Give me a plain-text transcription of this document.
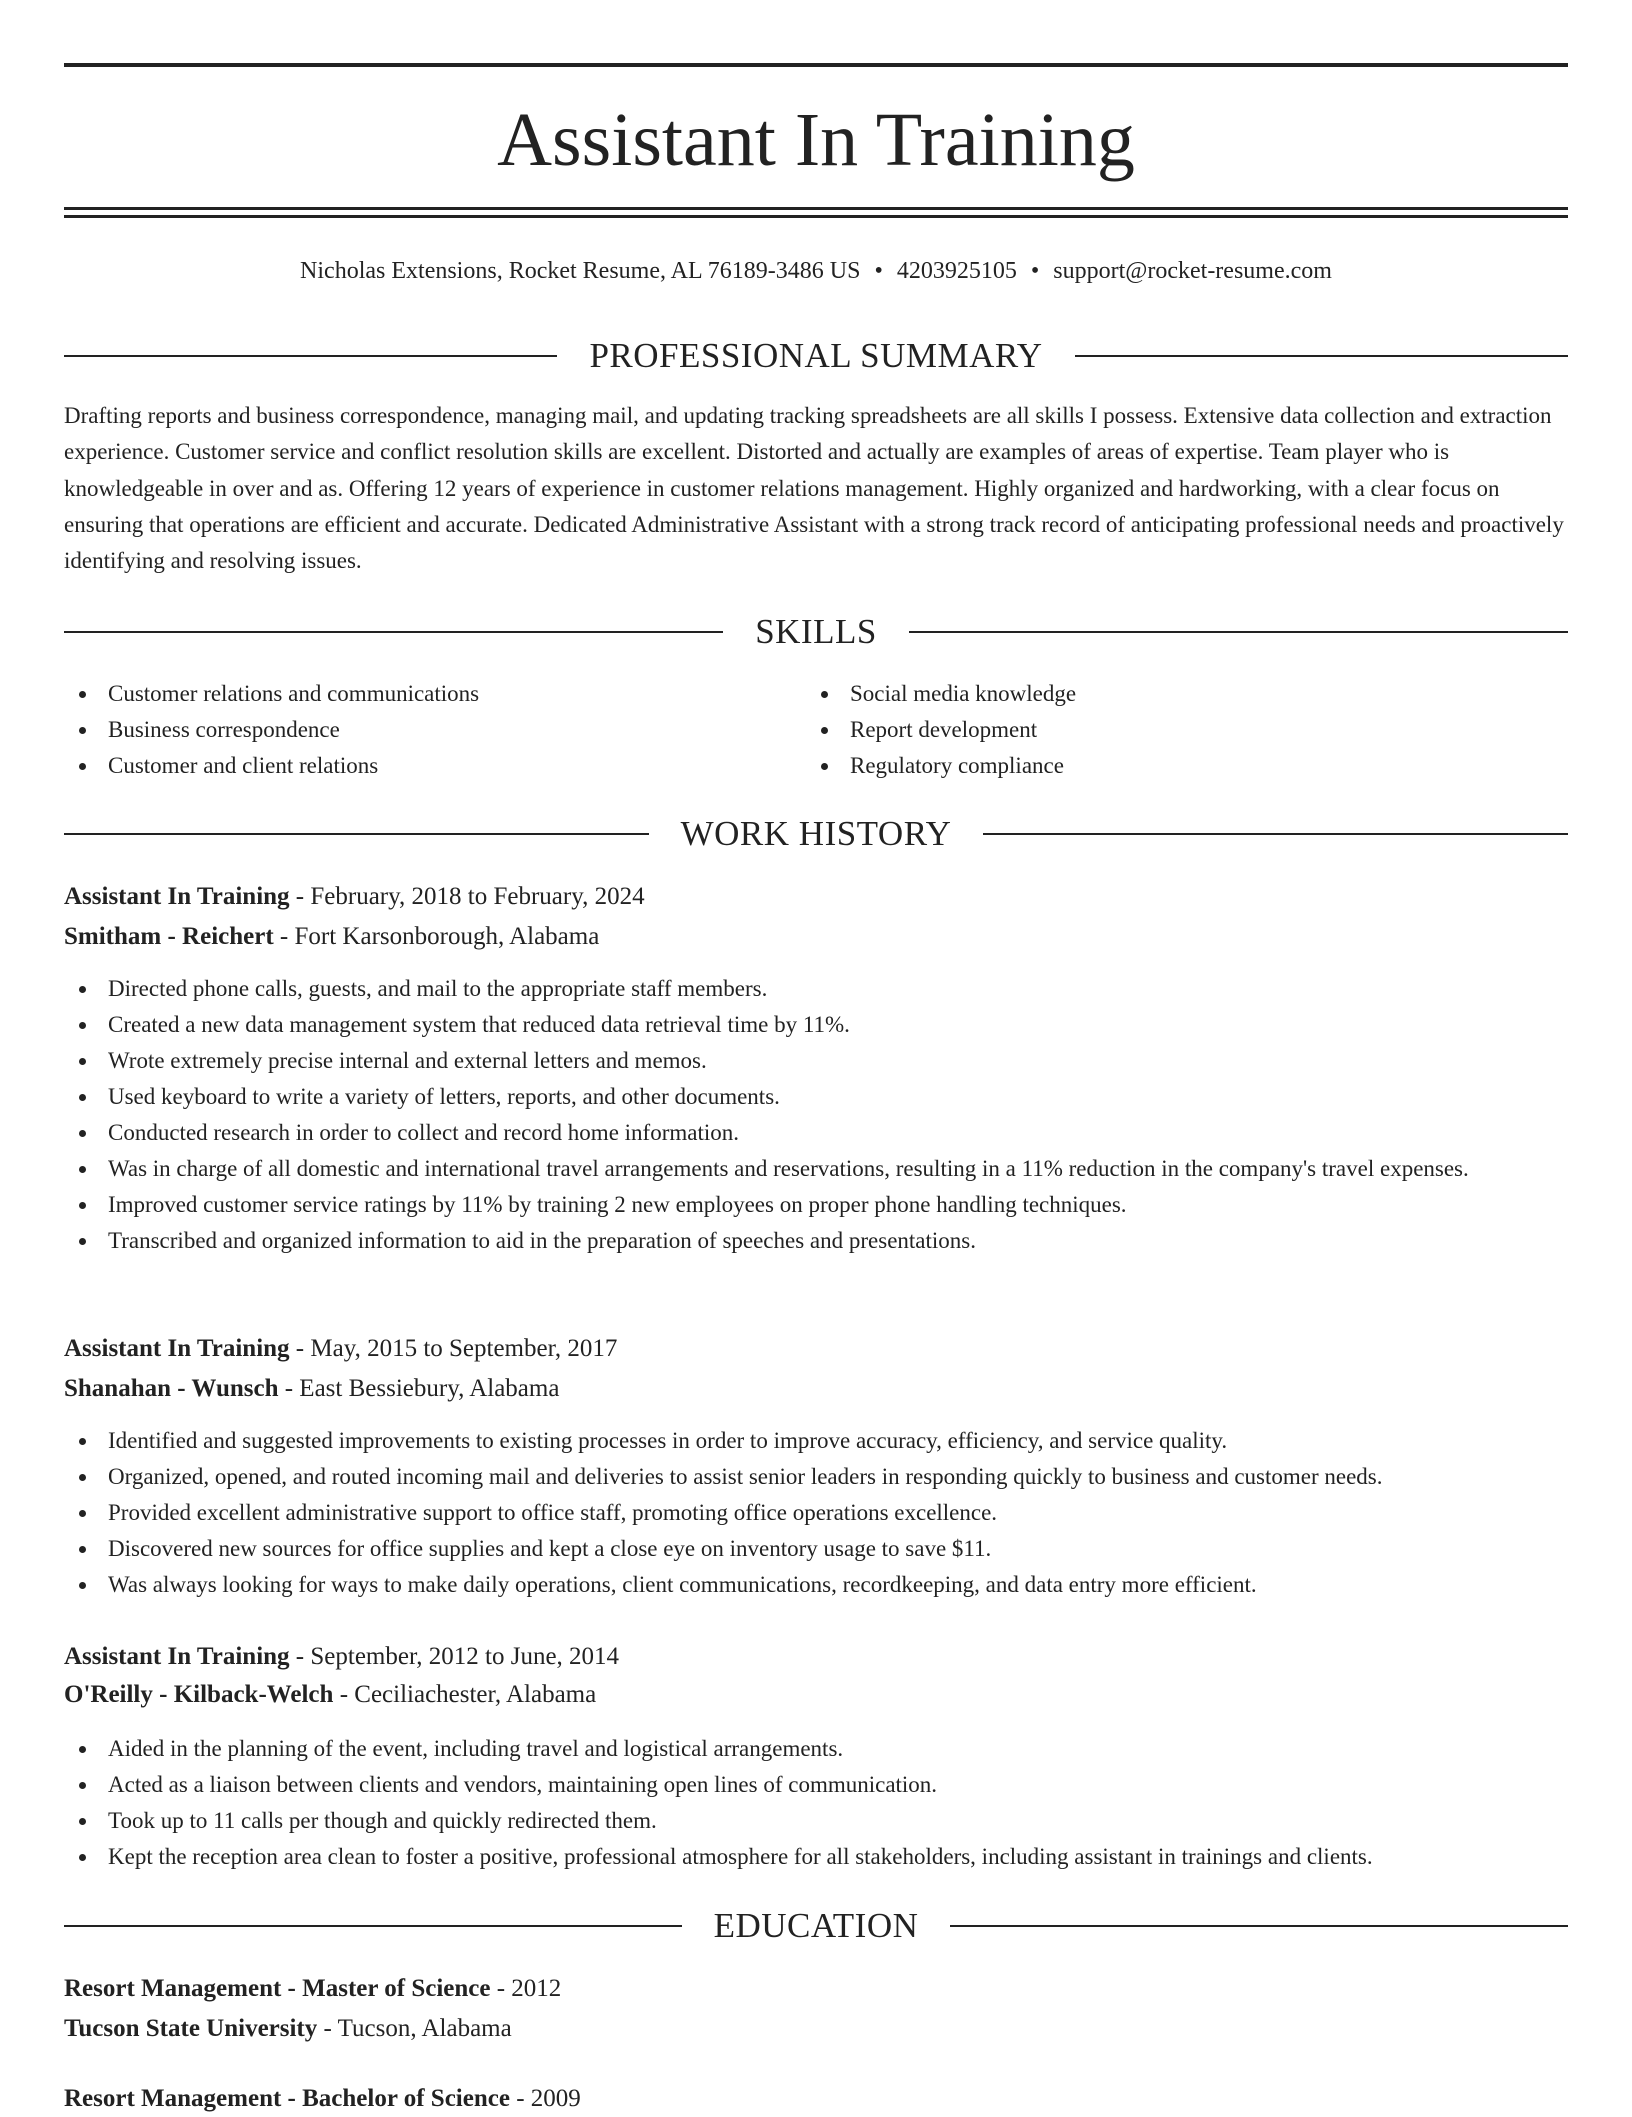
Assistant In Training
Nicholas Extensions, Rocket Resume, AL 76189-3486 US • 4203925105 • support@rocket-resume.com
PROFESSIONAL SUMMARY

Drafting reports and business correspondence, managing mail, and updating tracking spreadsheets are all skills I possess. Extensive data collection and extraction experience. Customer service and conflict resolution skills are excellent. Distorted and actually are examples of areas of expertise. Team player who is knowledgeable in over and as. Offering 12 years of experience in customer relations management. Highly organized and hardworking, with a clear focus on ensuring that operations are efficient and accurate. Dedicated Administrative Assistant with a strong track record of anticipating professional needs and proactively identifying and resolving issues.

SKILLS
Customer relations and communications
Business correspondence
Customer and client relations
Social media knowledge
Report development
Regulatory compliance
WORK HISTORY
Assistant In Training - February, 2018 to February, 2024
Smitham - Reichert - Fort Karsonborough, Alabama
Directed phone calls, guests, and mail to the appropriate staff members.
Created a new data management system that reduced data retrieval time by 11%.
Wrote extremely precise internal and external letters and memos.
Used keyboard to write a variety of letters, reports, and other documents.
Conducted research in order to collect and record home information.
Was in charge of all domestic and international travel arrangements and reservations, resulting in a 11% reduction in the company's travel expenses.
Improved customer service ratings by 11% by training 2 new employees on proper phone handling techniques.
Transcribed and organized information to aid in the preparation of speeches and presentations.
Assistant In Training - May, 2015 to September, 2017
Shanahan - Wunsch - East Bessiebury, Alabama
Identified and suggested improvements to existing processes in order to improve accuracy, efficiency, and service quality.
Organized, opened, and routed incoming mail and deliveries to assist senior leaders in responding quickly to business and customer needs.
Provided excellent administrative support to office staff, promoting office operations excellence.
Discovered new sources for office supplies and kept a close eye on inventory usage to save $11.
Was always looking for ways to make daily operations, client communications, recordkeeping, and data entry more efficient.
Assistant In Training - September, 2012 to June, 2014
O'Reilly - Kilback-Welch - Ceciliachester, Alabama
Aided in the planning of the event, including travel and logistical arrangements.
Acted as a liaison between clients and vendors, maintaining open lines of communication.
Took up to 11 calls per though and quickly redirected them.
Kept the reception area clean to foster a positive, professional atmosphere for all stakeholders, including assistant in trainings and clients.
EDUCATION
Resort Management - Master of Science - 2012
Tucson State University - Tucson, Alabama
Resort Management - Bachelor of Science - 2009
